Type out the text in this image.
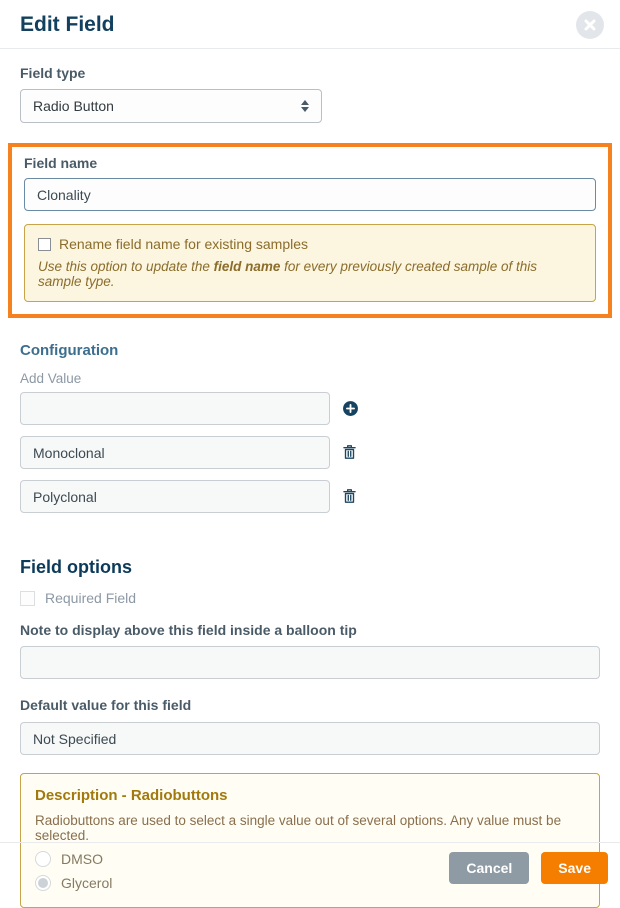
Edit Field
Field type
Radio Button
Field name
Clonality
Rename field name for existing samples
Use this option to update the field name for every previously created sample of this sample type.
Configuration
Add Value
Monoclonal
Polyclonal
Field options
Required Field
Note to display above this field inside a balloon tip
Default value for this field
Not Specified
Description - Radiobuttons
Radiobuttons are used to select a single value out of several options. Any value must be selected.
DMSO
Glycerol
Cancel	Save
